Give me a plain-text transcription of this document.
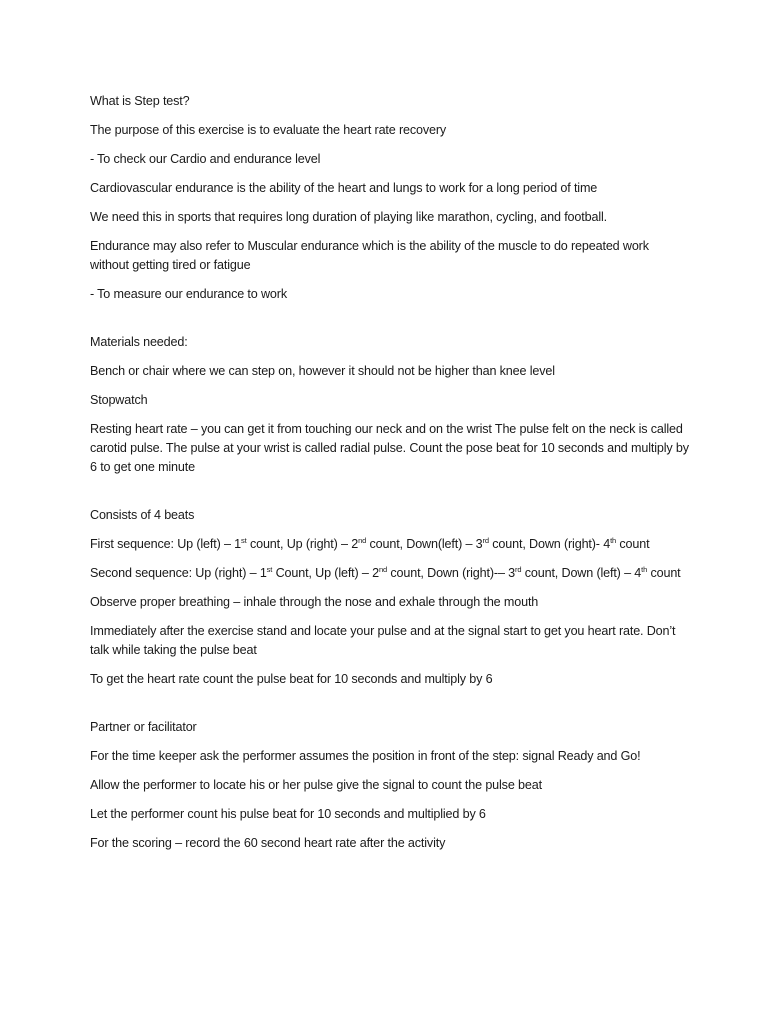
What is Step test?

The purpose of this exercise is to evaluate the heart rate recovery

- To check our Cardio and endurance level

Cardiovascular endurance is the ability of the heart and lungs to work for a long period of time

We need this in sports that requires long duration of playing like marathon, cycling, and football.

Endurance may also refer to Muscular endurance which is the ability of the muscle to do repeated work without getting tired or fatigue

- To measure our endurance to work

Materials needed:

Bench or chair where we can step on, however it should not be higher than knee level

Stopwatch

Resting heart rate – you can get it from touching our neck and on the wrist The pulse felt on the neck is called carotid pulse. The pulse at your wrist is called radial pulse. Count the pose beat for 10 seconds and multiply by 6 to get one minute

Consists of 4 beats

First sequence: Up (left) – 1st count, Up (right) – 2nd count, Down(left) – 3rd count, Down (right)- 4th count

Second sequence: Up (right) – 1st Count, Up (left) – 2nd count, Down (right)-– 3rd count, Down (left) – 4th count

Observe proper breathing – inhale through the nose and exhale through the mouth

Immediately after the exercise stand and locate your pulse and at the signal start to get you heart rate. Don’t talk while taking the pulse beat

To get the heart rate count the pulse beat for 10 seconds and multiply by 6

Partner or facilitator

For the time keeper ask the performer assumes the position in front of the step: signal Ready and Go!

Allow the performer to locate his or her pulse give the signal to count the pulse beat

Let the performer count his pulse beat for 10 seconds and multiplied by 6

For the scoring – record the 60 second heart rate after the activity
